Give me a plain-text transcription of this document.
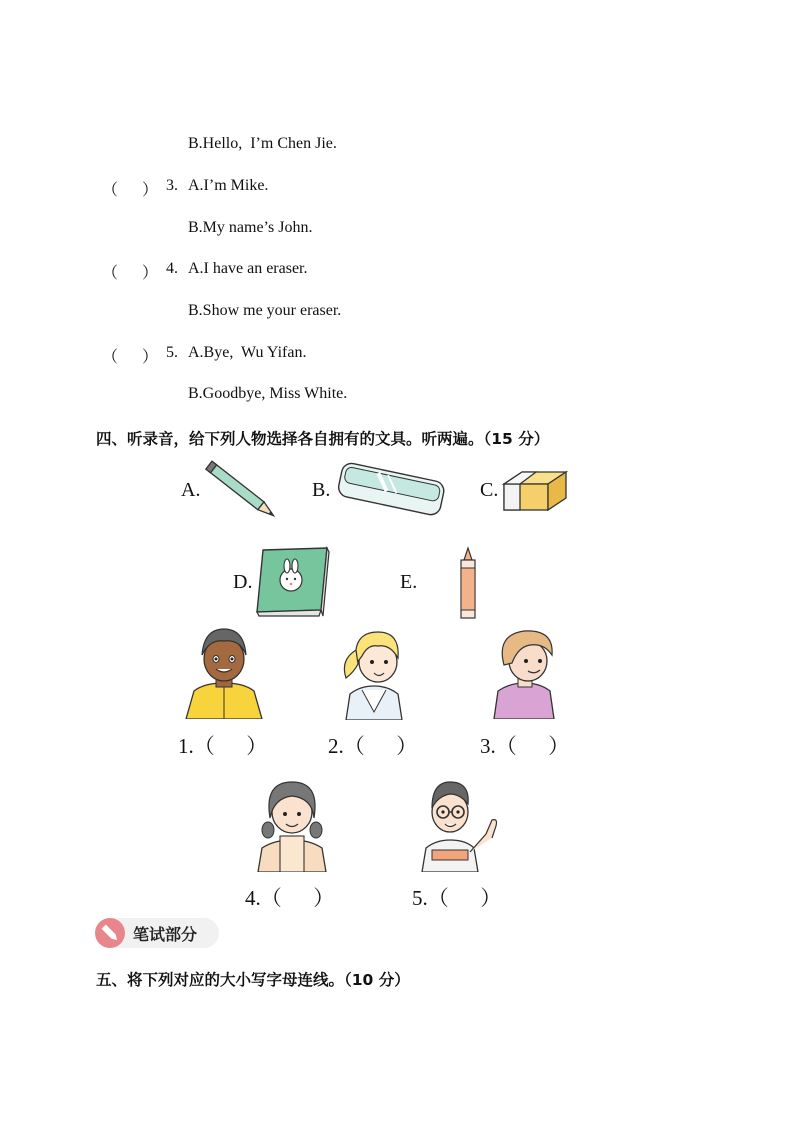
B.Hello,  I’m Chen Jie.
（ ） 3. A.I’m Mike.
B.My name’s John.
（ ） 4. A.I have an eraser.
B.Show me your eraser.
（ ） 5. A.Bye,  Wu Yifan.
B.Goodbye, Miss White.
四、听录音，给下列人物选择各自拥有的文具。听两遍。（15 分）
A.	B.	C.
D.	E.
1.（      ）	2.（      ）	3.（      ）
4.（      ）	5.（      ）
笔试部分
五、将下列对应的大小写字母连线。（10 分）
